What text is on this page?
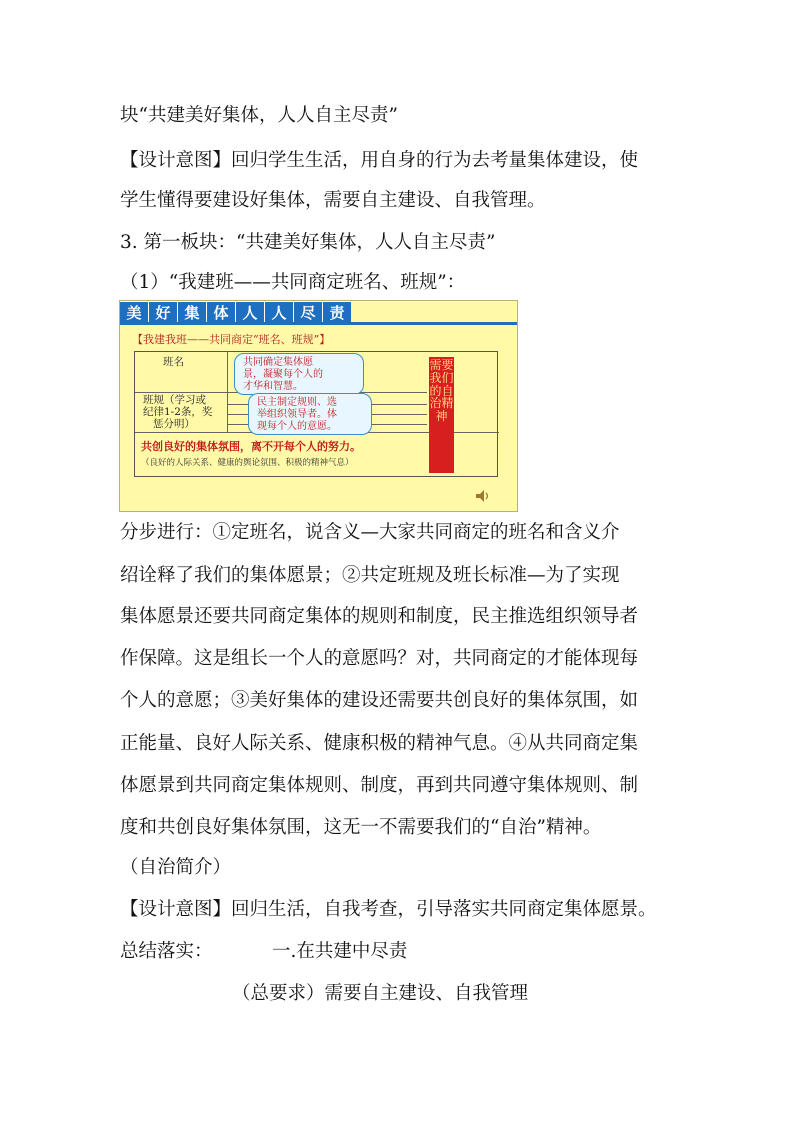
块“共建美好集体，人人自主尽责”
【设计意图】回归学生生活，用自身的行为去考量集体建设，使
学生懂得要建设好集体，需要自主建设、自我管理。
3. 第一板块：“共建美好集体，人人自主尽责”
（1）“我建班——共同商定班名、班规”：
美 好 集 体 人 人 尽 责
【我建我班——共同商定“班名、班规”】
班名
班规（学习或
纪律1-2条，奖
惩分明）
共创良好的集体氛围，离不开每个人的努力。
（良好的人际关系、健康的舆论氛围、积极的精神气息）
共同确定集体愿
景，凝聚每个人的
才华和智慧。
民主制定规则、选
举组织领导者。体
现每个人的意愿。
需要我们的自治精神
分步进行：①定班名，说含义—大家共同商定的班名和含义介
绍诠释了我们的集体愿景；②共定班规及班长标准—为了实现
集体愿景还要共同商定集体的规则和制度，民主推选组织领导者
作保障。这是组长一个人的意愿吗？对，共同商定的才能体现每
个人的意愿；③美好集体的建设还需要共创良好的集体氛围，如
正能量、良好人际关系、健康积极的精神气息。④从共同商定集
体愿景到共同商定集体规则、制度，再到共同遵守集体规则、制
度和共创良好集体氛围，这无一不需要我们的“自治”精神。
（自治简介）
【设计意图】回归生活，自我考查，引导落实共同商定集体愿景。
总结落实：	一.在共建中尽责
（总要求）需要自主建设、自我管理
